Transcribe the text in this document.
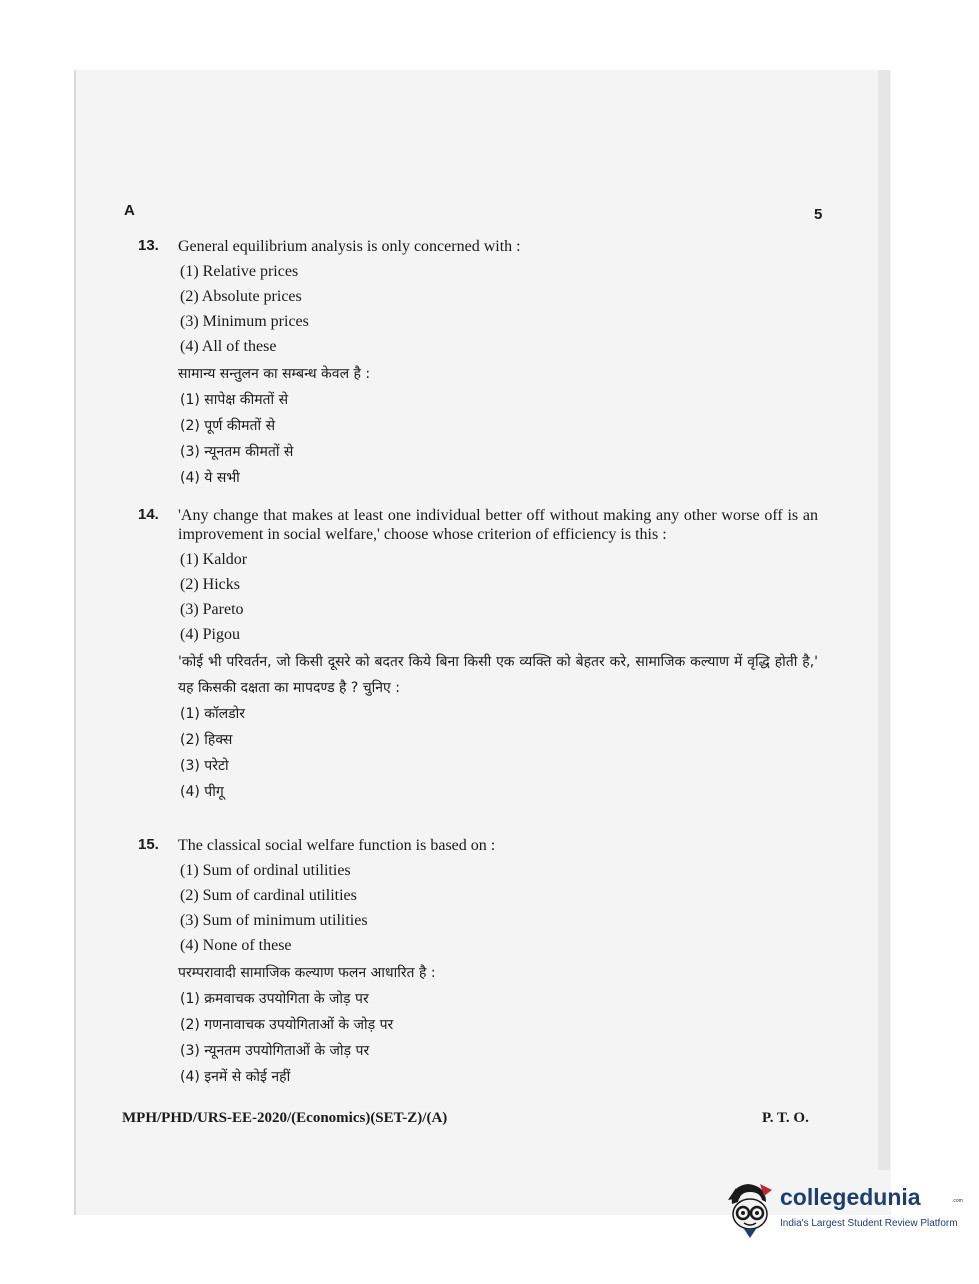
A	5
13. General equilibrium analysis is only concerned with :

(1) Relative prices
(2) Absolute prices
(3) Minimum prices
(4) All of these

सामान्य सन्तुलन का सम्बन्ध केवल है :

(1) सापेक्ष कीमतों से
(2) पूर्ण कीमतों से
(3) न्यूनतम कीमतों से
(4) ये सभी
14. 'Any change that makes at least one individual better off without making any other worse off is an improvement in social welfare,' choose whose criterion of efficiency is this :

(1) Kaldor
(2) Hicks
(3) Pareto
(4) Pigou

'कोई भी परिवर्तन, जो किसी दूसरे को बदतर किये बिना किसी एक व्यक्ति को बेहतर करे, सामाजिक कल्याण में वृद्धि होती है,' यह किसकी दक्षता का मापदण्ड है ? चुनिए :

(1) कॉलडोर
(2) हिक्स
(3) परेटो
(4) पीगू
15. The classical social welfare function is based on :

(1) Sum of ordinal utilities
(2) Sum of cardinal utilities
(3) Sum of minimum utilities
(4) None of these

परम्परावादी सामाजिक कल्याण फलन आधारित है :

(1) क्रमवाचक उपयोगिता के जोड़ पर
(2) गणनावाचक उपयोगिताओं के जोड़ पर
(3) न्यूनतम उपयोगिताओं के जोड़ पर
(4) इनमें से कोई नहीं
MPH/PHD/URS-EE-2020/(Economics)(SET-Z)/(A)	P. T. O.
collegedunia	.com
India's Largest Student Review Platform
